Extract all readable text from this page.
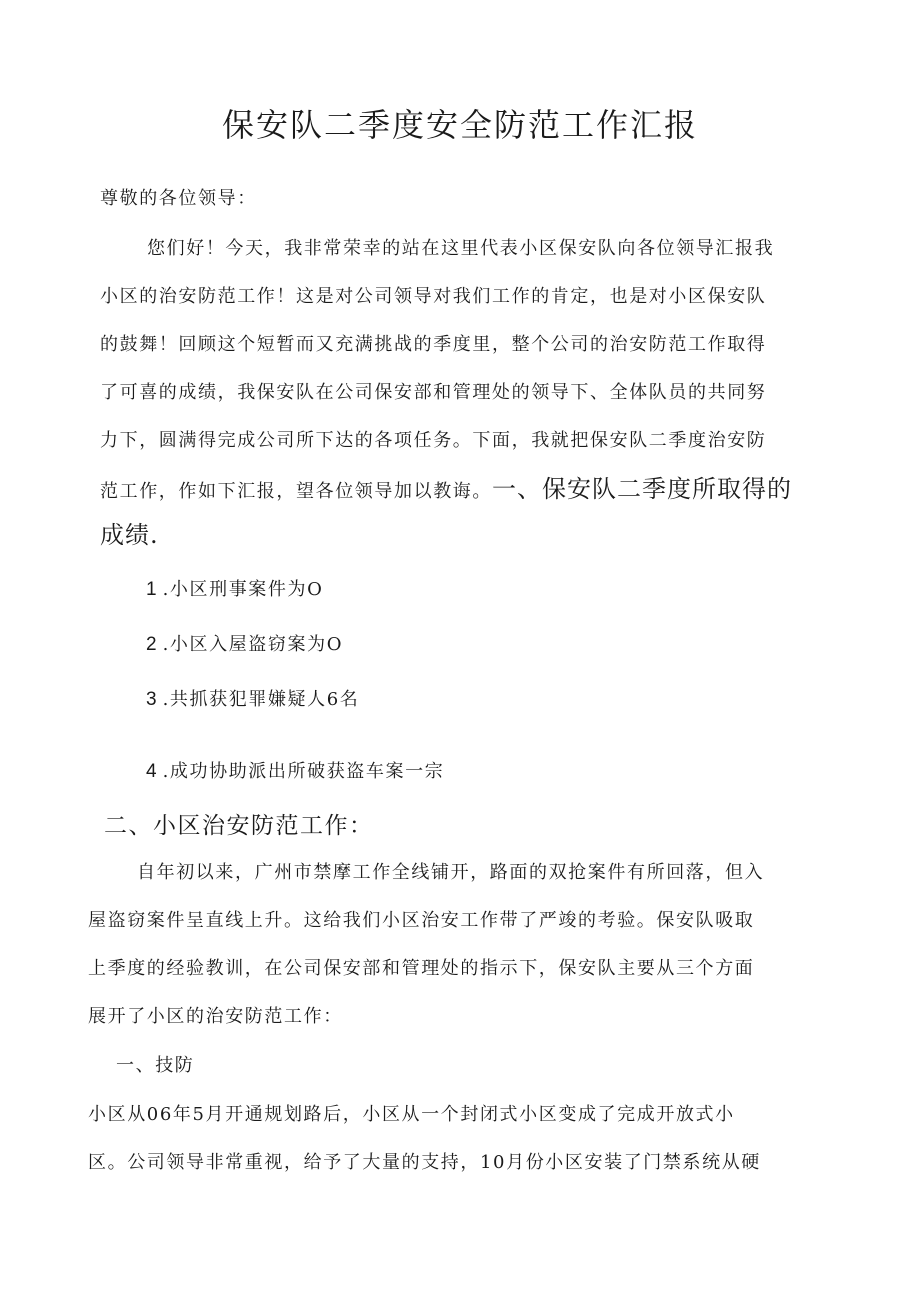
保安队二季度安全防范工作汇报
尊敬的各位领导：
您们好！今天，我非常荣幸的站在这里代表小区保安队向各位领导汇报我
小区的治安防范工作！这是对公司领导对我们工作的肯定，也是对小区保安队
的鼓舞！回顾这个短暂而又充满挑战的季度里，整个公司的治安防范工作取得
了可喜的成绩，我保安队在公司保安部和管理处的领导下、全体队员的共同努
力下，圆满得完成公司所下达的各项任务。下面，我就把保安队二季度治安防
范工作，作如下汇报，望各位领导加以教诲。一、保安队二季度所取得的
成绩.
1 .小区刑事案件为O
2 .小区入屋盗窃案为O
3 .共抓获犯罪嫌疑人6名
4 .成功协助派出所破获盗车案一宗
二、小区治安防范工作：
自年初以来，广州市禁摩工作全线铺开，路面的双抢案件有所回落，但入
屋盗窃案件呈直线上升。这给我们小区治安工作带了严竣的考验。保安队吸取
上季度的经验教训，在公司保安部和管理处的指示下，保安队主要从三个方面
展开了小区的治安防范工作：
一、技防
小区从06年5月开通规划路后，小区从一个封闭式小区变成了完成开放式小
区。公司领导非常重视，给予了大量的支持，10月份小区安装了门禁系统从硬
